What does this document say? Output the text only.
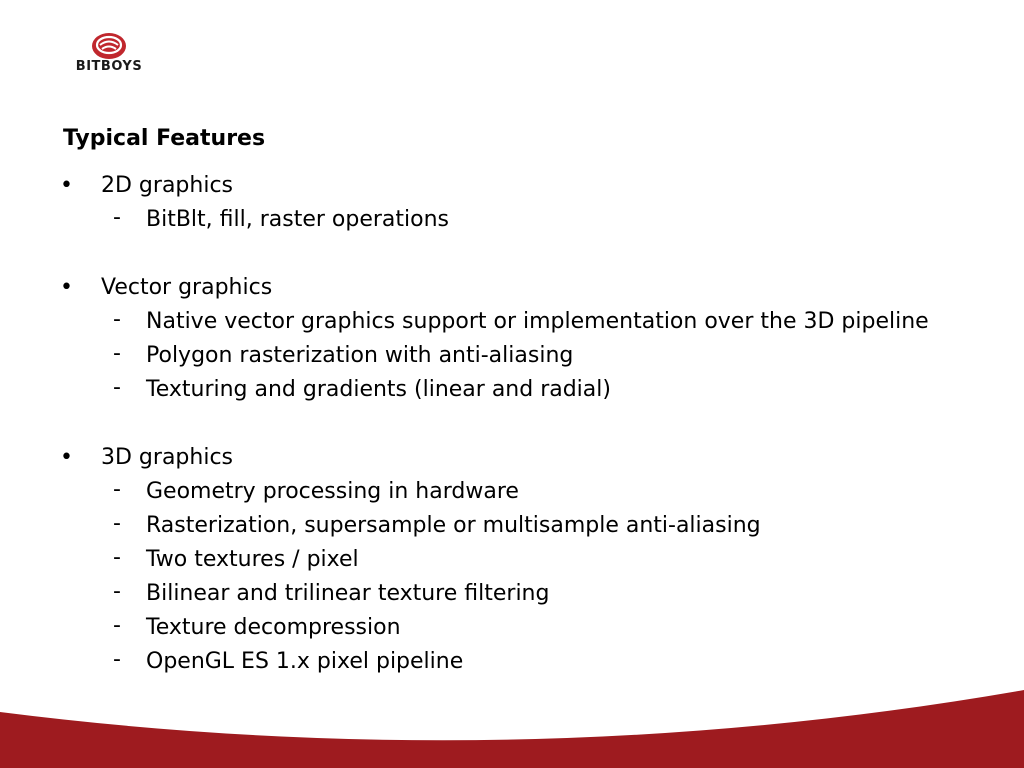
BITBOYS
Typical Features
•	2D graphics
- BitBlt, fill, raster operations
•	Vector graphics
- Native vector graphics support or implementation over the 3D pipeline
- Polygon rasterization with anti-aliasing
- Texturing and gradients (linear and radial)
•	3D graphics
- Geometry processing in hardware
- Rasterization, supersample or multisample anti-aliasing
- Two textures / pixel
- Bilinear and trilinear texture filtering
- Texture decompression
- OpenGL ES 1.x pixel pipeline
